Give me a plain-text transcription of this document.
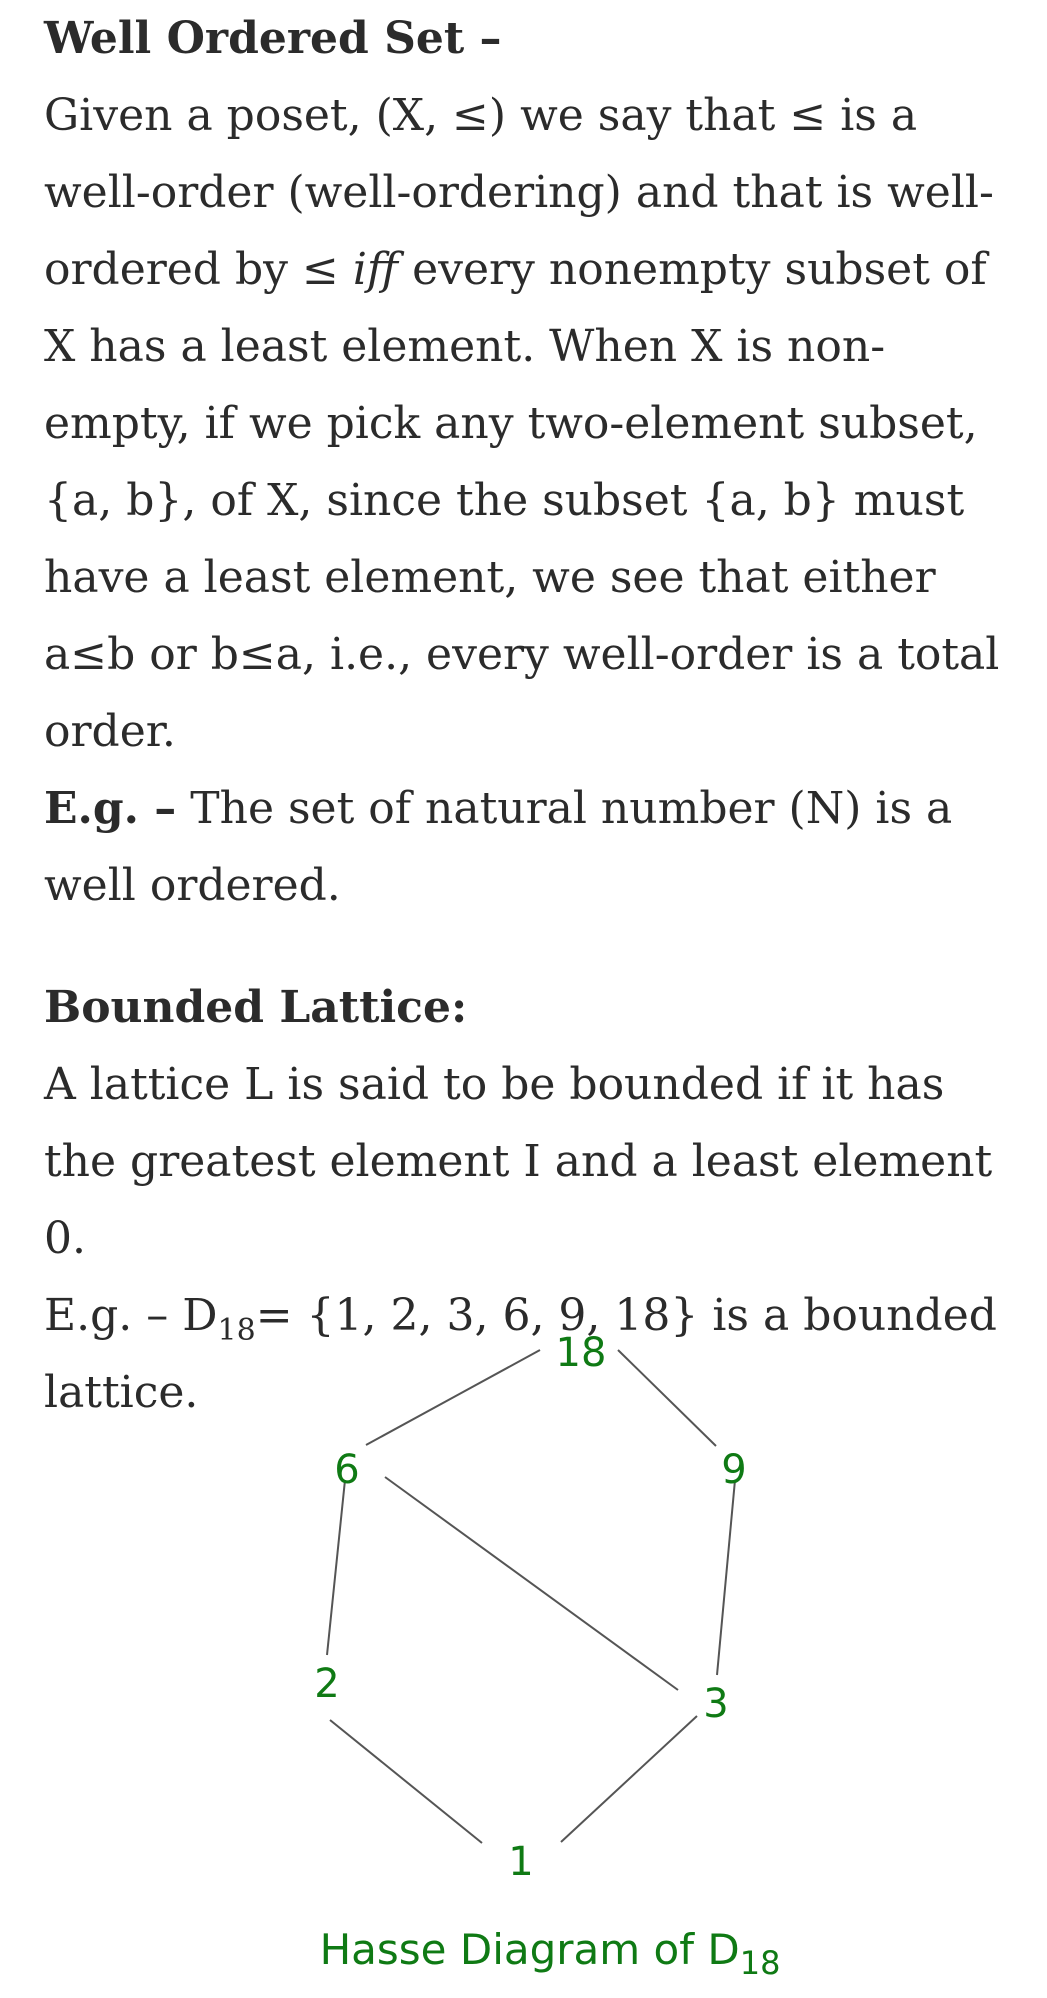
Well Ordered Set –

Given a poset, (X, ≤) we say that ≤ is a well-order (well-ordering) and that is well-ordered by ≤ iff every nonempty subset of X has a least element. When X is non-empty, if we pick any two-element subset, {a, b}, of X, since the subset {a, b} must have a least element, we see that either a≤b or b≤a, i.e., every well-order is a total order.

E.g. – The set of natural number (N) is a well ordered.

Bounded Lattice:

A lattice L is said to be bounded if it has the greatest element I and a least element 0.

E.g. – $D_{18}= \{1$, 2, 3, 6, 9, 18} is a bounded lattice.

18
6	9
2	3
1
Hasse Diagram of $D_{18}$
